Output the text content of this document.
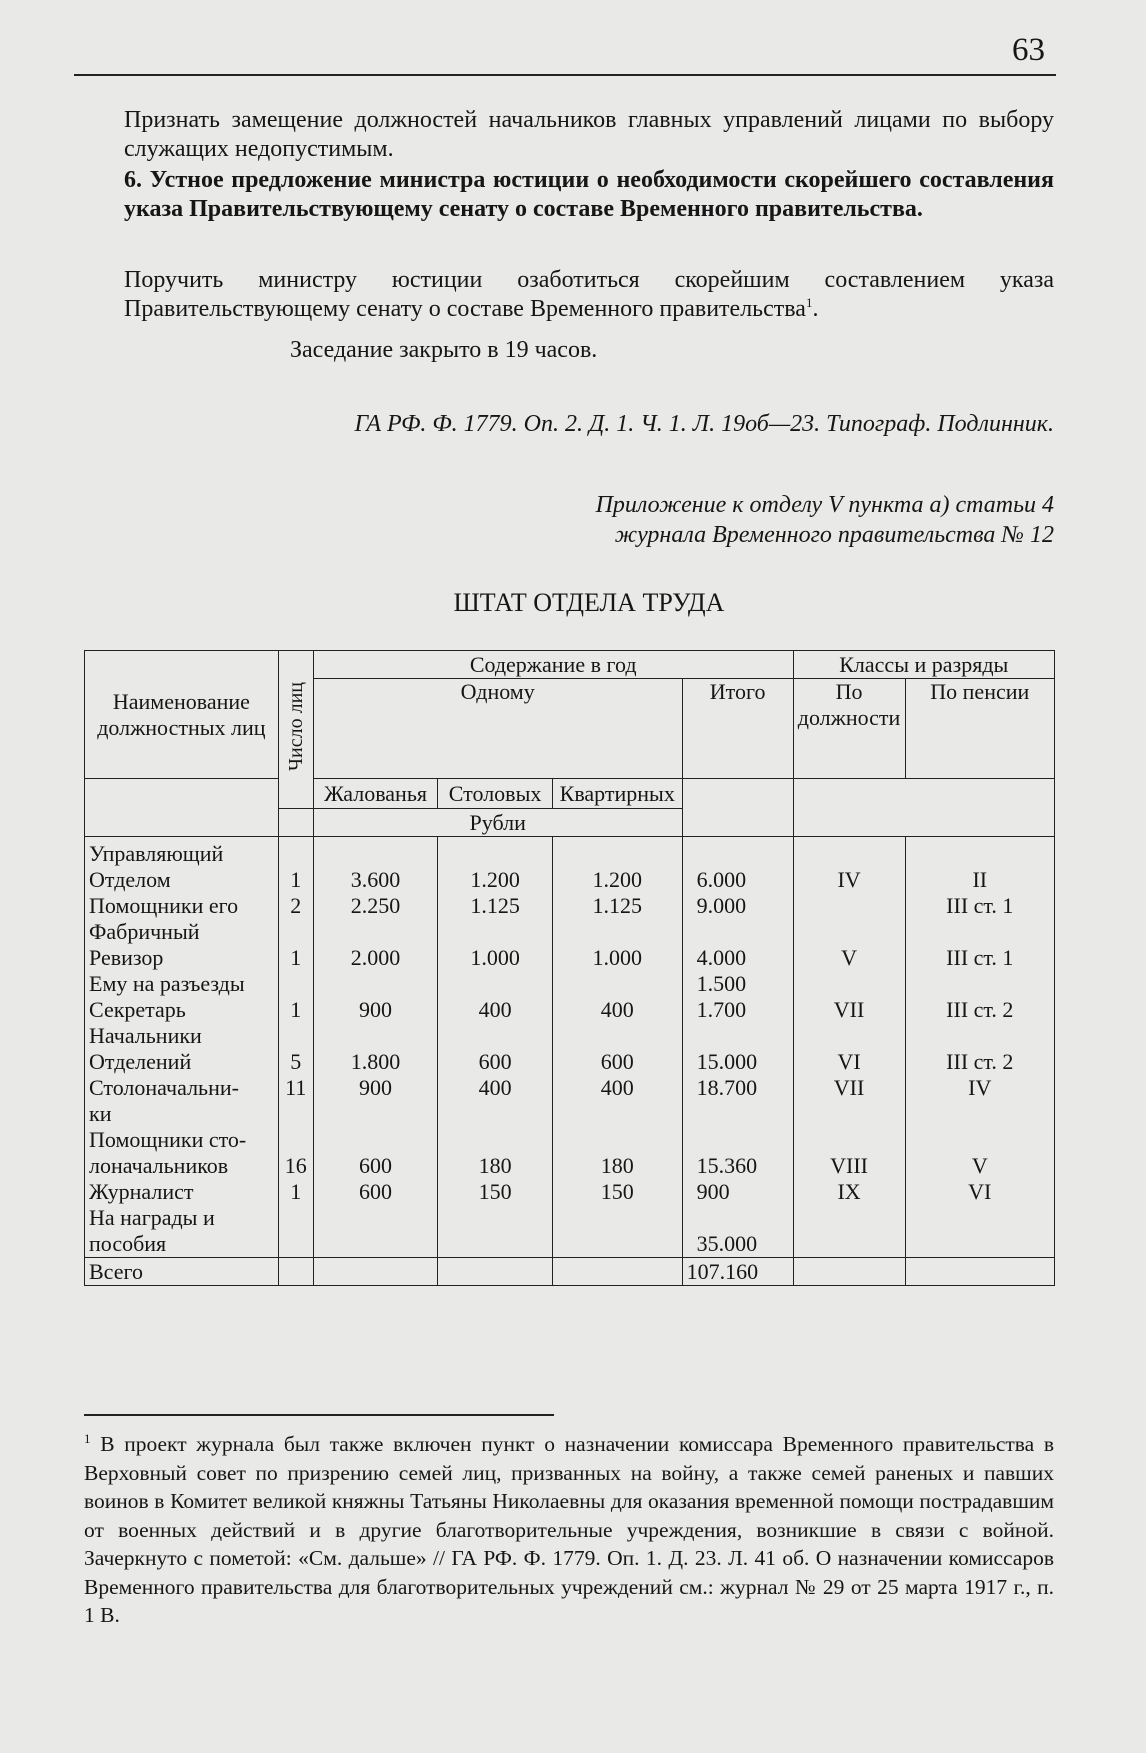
63
Признать замещение должностей начальников главных управлений лицами по выбору служащих недопустимым.
6. Устное предложение министра юстиции о необходимости скорейшего составления указа Правительствующему сенату о составе Временного правительства.
Поручить министру юстиции озаботиться скорейшим составлением указа Правительствующему сенату о составе Временного правительства$^1$.
Заседание закрыто в 19 часов.
ГА РФ. Ф. 1779. Оп. 2. Д. 1. Ч. 1. Л. 19об—23. Типограф. Подлинник.
Приложение к отделу V пункта а) статьи 4
журнала Временного правительства № 12
ШТАТ ОТДЕЛА ТРУДА
Наименование должностных лиц	Число лиц	Содержание в год				Классы и разряды	
		Одному			Итого	По должности	По пенсии
		Жалованья	Столовых	Квартирных			
		Рубли					
Управляющий							
Отделом	1	3.600	1.200	1.200	6.000	IV	II
Помощники его	2	2.250	1.125	1.125	9.000		III ст. 1
Фабричный							
Ревизор	1	2.000	1.000	1.000	4.000	V	III ст. 1
Ему на разъезды					1.500		
Секретарь	1	900	400	400	1.700	VII	III ст. 2
Начальники							
Отделений	5	1.800	600	600	15.000	VI	III ст. 2
Столоначальни-	11	900	400	400	18.700	VII	IV
ки							
Помощники сто-							
лоначальников	16	600	180	180	15.360	VIII	V
Журналист	1	600	150	150	900	IX	VI
На награды и							
пособия					35.000		
Всего					107.160		
$^1$ В проект журнала был также включен пункт о назначении комиссара Временного правительства в Верховный совет по призрению семей лиц, призванных на войну, а также семей раненых и павших воинов в Комитет великой княжны Татьяны Николаевны для оказания временной помощи пострадавшим от военных действий и в другие благотворительные учреждения, возникшие в связи с войной. Зачеркнуто с пометой: «См. дальше» // ГА РФ. Ф. 1779. Оп. 1. Д. 23. Л. 41 об. О назначении комиссаров Временного правительства для благотворительных учреждений см.: журнал № 29 от 25 марта 1917 г., п. 1 В.
